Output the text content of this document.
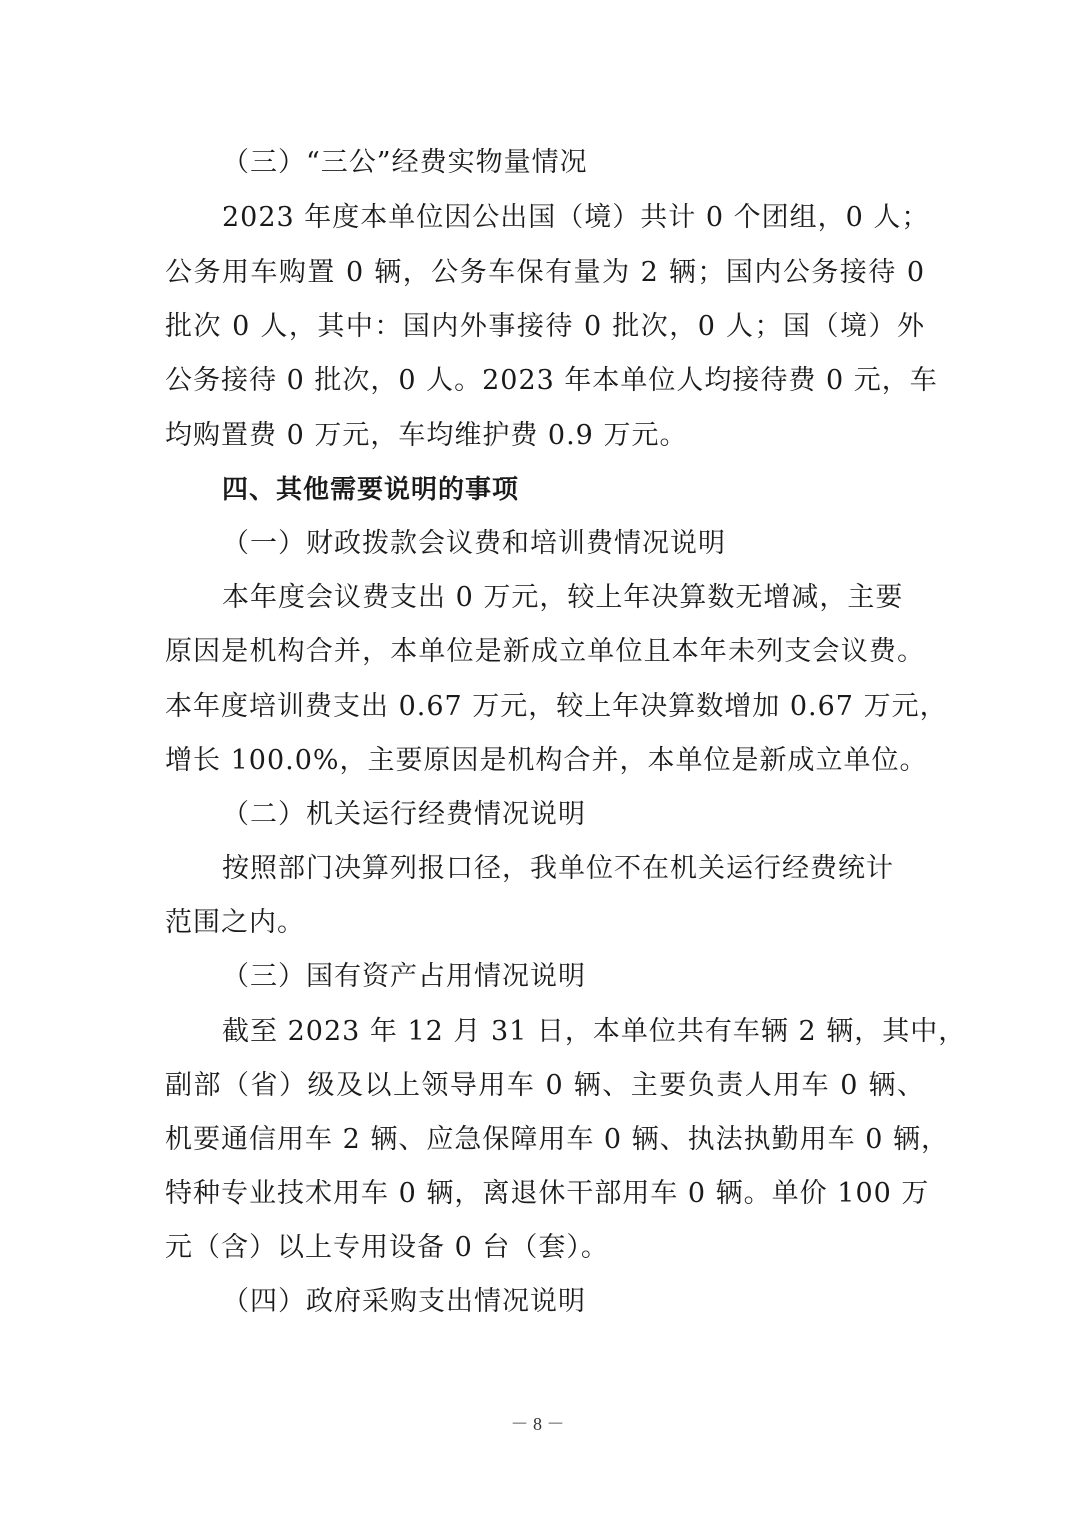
（三）“三公”经费实物量情况
2023 年度本单位因公出国（境）共计 0 个团组，0 人；
公务用车购置 0 辆，公务车保有量为 2 辆；国内公务接待 0
批次 0 人，其中：国内外事接待 0 批次，0 人；国（境）外
公务接待 0 批次，0 人。2023 年本单位人均接待费 0 元，车
均购置费 0 万元，车均维护费 0.9 万元。
四、其他需要说明的事项
（一）财政拨款会议费和培训费情况说明
本年度会议费支出 0 万元，较上年决算数无增减，主要
原因是机构合并，本单位是新成立单位且本年未列支会议费。
本年度培训费支出 0.67 万元，较上年决算数增加 0.67 万元，
增长 100.0%，主要原因是机构合并，本单位是新成立单位。
（二）机关运行经费情况说明
按照部门决算列报口径，我单位不在机关运行经费统计
范围之内。
（三）国有资产占用情况说明
截至 2023 年 12 月 31 日，本单位共有车辆 2 辆，其中，
副部（省）级及以上领导用车 0 辆、主要负责人用车 0 辆、
机要通信用车 2 辆、应急保障用车 0 辆、执法执勤用车 0 辆，
特种专业技术用车 0 辆，离退休干部用车 0 辆。单价 100 万
元（含）以上专用设备 0 台（套）。
（四）政府采购支出情况说明
－ 8 －
